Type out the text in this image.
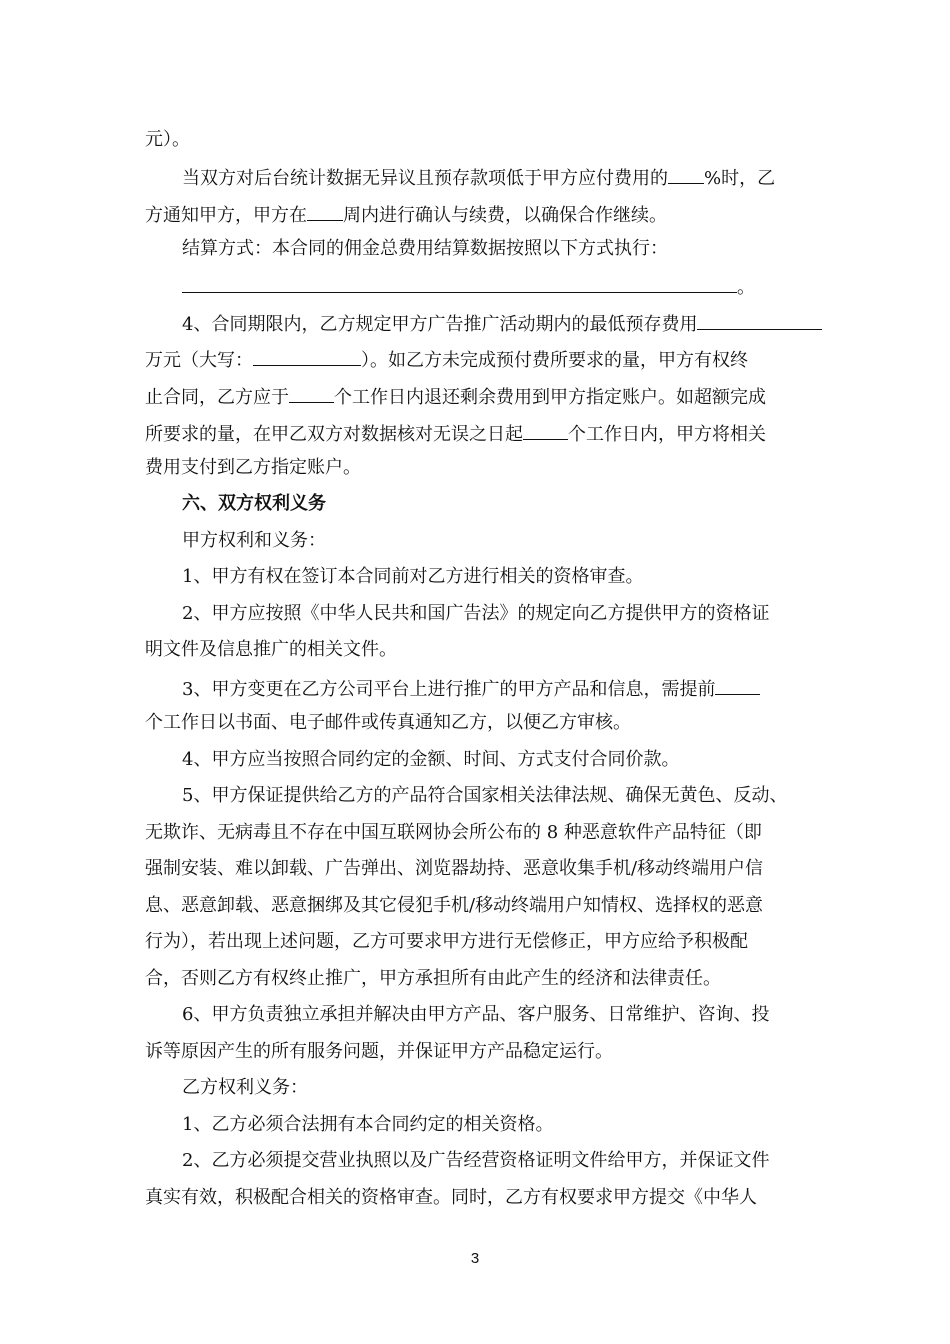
元）。
当双方对后台统计数据无异议且预存款项低于甲方应付费用的 %时，乙
方通知甲方，甲方在 周内进行确认与续费，以确保合作继续。
结算方式：本合同的佣金总费用结算数据按照以下方式执行：
。
4、合同期限内，乙方规定甲方广告推广活动期内的最低预存费用
万元（大写：	）。如乙方未完成预付费所要求的量，甲方有权终
止合同，乙方应于	个工作日内退还剩余费用到甲方指定账户。如超额完成
所要求的量，在甲乙双方对数据核对无误之日起	个工作日内，甲方将相关
费用支付到乙方指定账户。
六、双方权利义务
甲方权利和义务：
1、甲方有权在签订本合同前对乙方进行相关的资格审查。
2、甲方应按照《中华人民共和国广告法》的规定向乙方提供甲方的资格证
明文件及信息推广的相关文件。
3、甲方变更在乙方公司平台上进行推广的甲方产品和信息，需提前
个工作日以书面、电子邮件或传真通知乙方，以便乙方审核。
4、甲方应当按照合同约定的金额、时间、方式支付合同价款。
5、甲方保证提供给乙方的产品符合国家相关法律法规、确保无黄色、反动、
无欺诈、无病毒且不存在中国互联网协会所公布的 8 种恶意软件产品特征（即
强制安装、难以卸载、广告弹出、浏览器劫持、恶意收集手机/移动终端用户信
息、恶意卸载、恶意捆绑及其它侵犯手机/移动终端用户知情权、选择权的恶意
行为），若出现上述问题，乙方可要求甲方进行无偿修正，甲方应给予积极配
合，否则乙方有权终止推广，甲方承担所有由此产生的经济和法律责任。
6、甲方负责独立承担并解决由甲方产品、客户服务、日常维护、咨询、投
诉等原因产生的所有服务问题，并保证甲方产品稳定运行。
乙方权利义务：
1、乙方必须合法拥有本合同约定的相关资格。
2、乙方必须提交营业执照以及广告经营资格证明文件给甲方，并保证文件
真实有效，积极配合相关的资格审查。同时，乙方有权要求甲方提交《中华人
3
